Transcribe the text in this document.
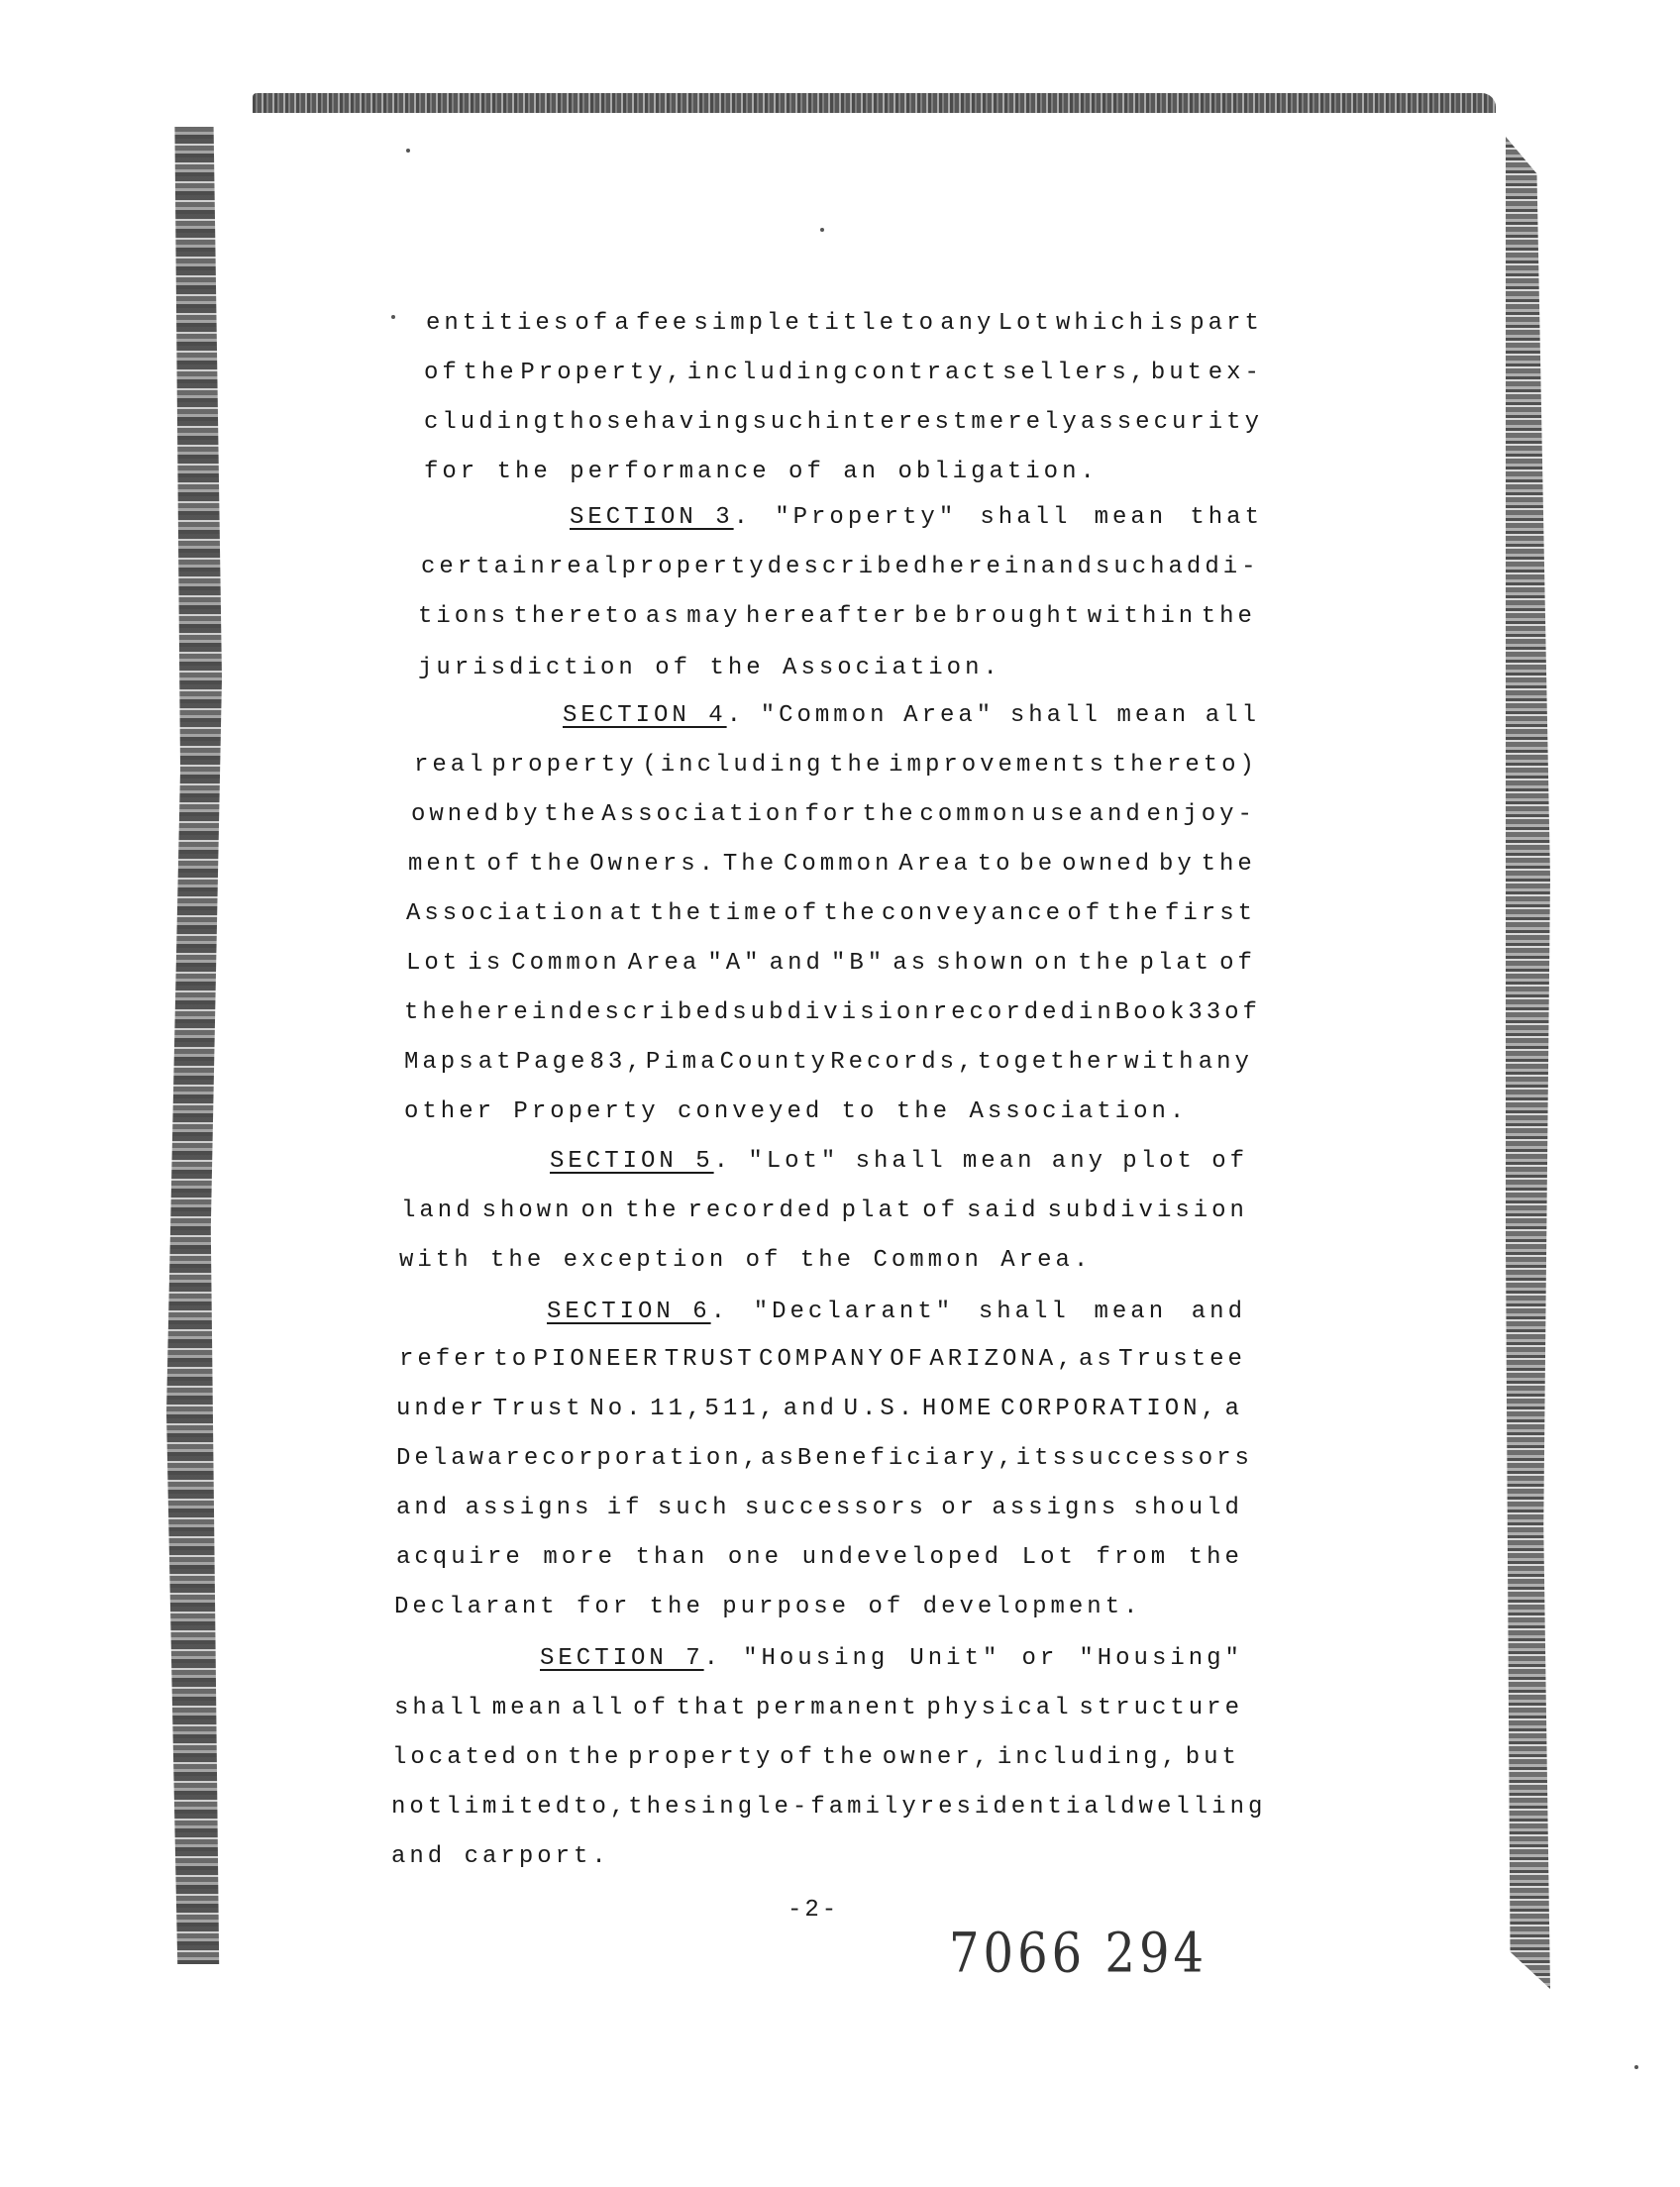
entities of a fee simple title to any Lot which is part
of the Property, including contract sellers, but ex-
cluding those having such interest merely as security
for the performance of an obligation.
SECTION 3. "Property" shall mean that
certain real property described herein and such addi-
tions thereto as may hereafter be brought within the
jurisdiction of the Association.
SECTION 4. "Common Area" shall mean all
real property (including the improvements thereto)
owned by the Association for the common use and enjoy-
ment of the Owners. The Common Area to be owned by the
Association at the time of the conveyance of the first
Lot is Common Area "A" and "B" as shown on the plat of
the herein described subdivision recorded in Book 33 of
Maps at Page 83, Pima County Records, together with any
other Property conveyed to the Association.
SECTION 5. "Lot" shall mean any plot of
land shown on the recorded plat of said subdivision
with the exception of the Common Area.
SECTION 6. "Declarant" shall mean and
refer to PIONEER TRUST COMPANY OF ARIZONA, as Trustee
under Trust No. 11,511, and U.S. HOME CORPORATION, a
Delaware corporation, as Beneficiary, its successors
and assigns if such successors or assigns should
acquire more than one undeveloped Lot from the
Declarant for the purpose of development.
SECTION 7. "Housing Unit" or "Housing"
shall mean all of that permanent physical structure
located on the property of the owner, including, but
not limited to, the single-family residential dwelling
and carport.
-2-
7066 294
